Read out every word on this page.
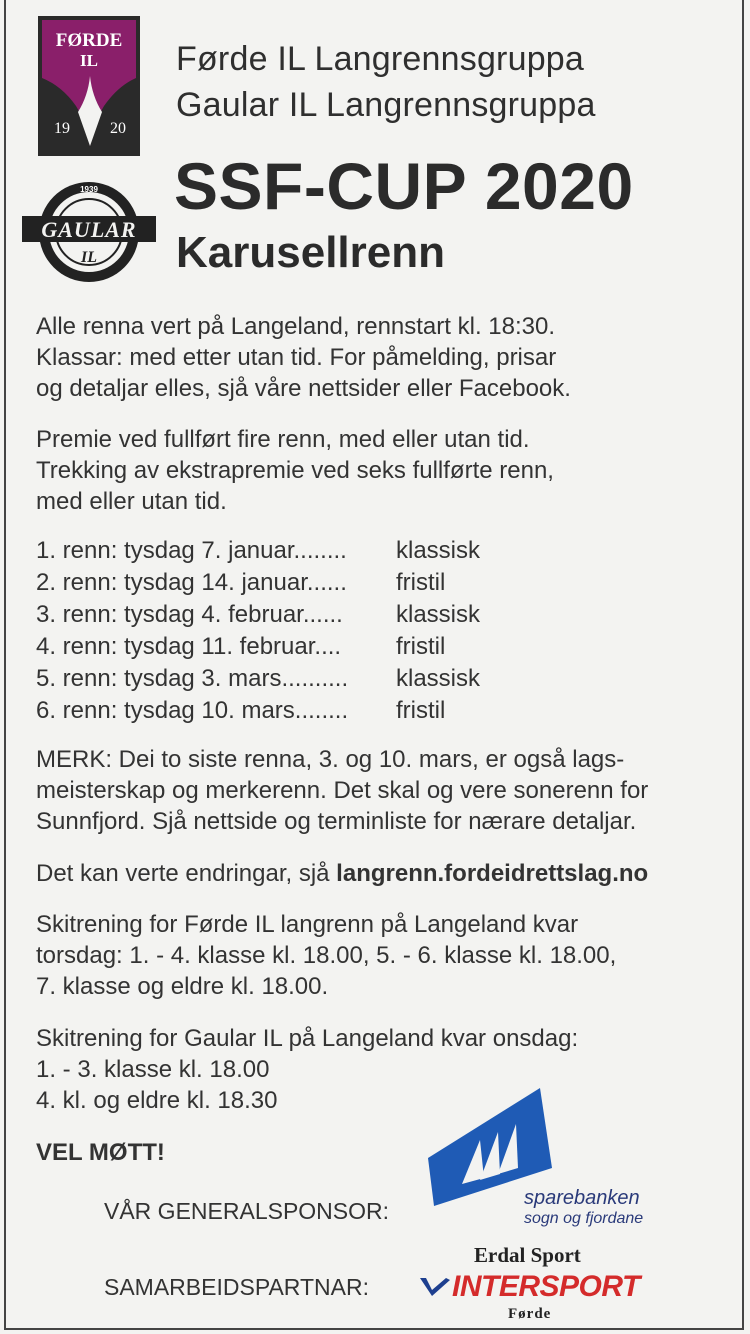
FØRDE
IL
19	20
1939
GAULAR
IL
Førde IL Langrennsgruppa
Gaular IL Langrennsgruppa
SSF-CUP 2020
Karusellrenn
Alle renna vert på Langeland, rennstart kl. 18:30.
Klassar: med etter utan tid. For påmelding, prisar
og detaljar elles, sjå våre nettsider eller Facebook.
Premie ved fullført fire renn, med eller utan tid.
Trekking av ekstrapremie ved seks fullførte renn,
med eller utan tid.
1. renn: tysdag 7. januar........ klassisk
2. renn: tysdag 14. januar...... fristil
3. renn: tysdag 4. februar...... klassisk
4. renn: tysdag 11. februar.... fristil
5. renn: tysdag 3. mars.......... klassisk
6. renn: tysdag 10. mars........ fristil
MERK: Dei to siste renna, 3. og 10. mars, er også lags-
meisterskap og merkerenn. Det skal og vere sonerenn for
Sunnfjord. Sjå nettside og terminliste for nærare detaljar.
Det kan verte endringar, sjå langrenn.fordeidrettslag.no
Skitrening for Førde IL langrenn på Langeland kvar
torsdag: 1. - 4. klasse kl. 18.00, 5. - 6. klasse kl. 18.00,
7. klasse og eldre kl. 18.00.
Skitrening for Gaular IL på Langeland kvar onsdag:
1. - 3. klasse kl. 18.00
4. kl. og eldre kl. 18.30
VEL MØTT!
VÅR GENERALSPONSOR:	sparebanken
sogn og fjordane
SAMARBEIDSPARTNAR:
Erdal Sport
INTERSPORT
Førde
